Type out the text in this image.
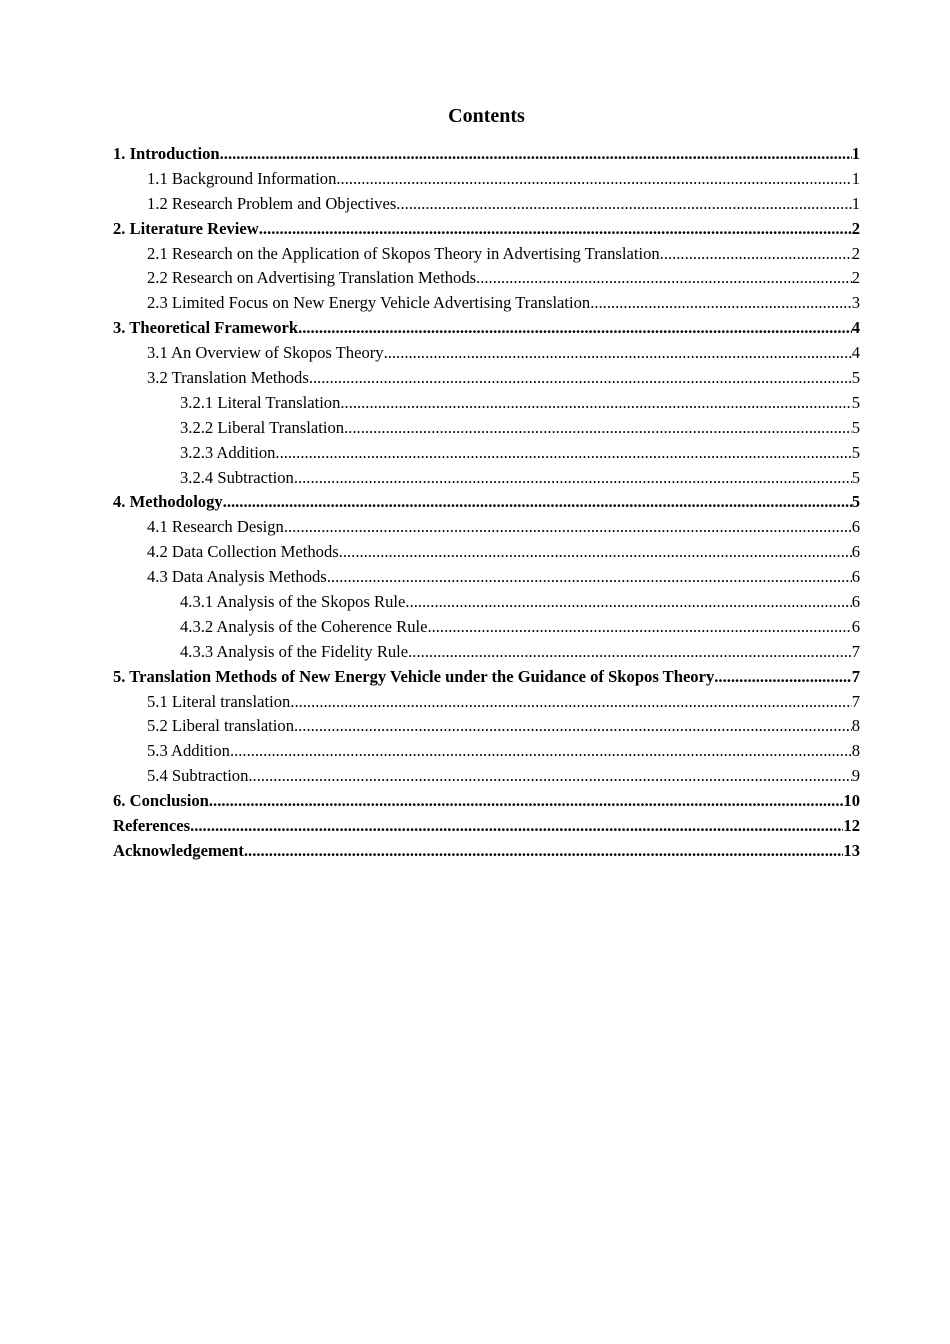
Contents
1. Introduction .....	1
1.1 Background Information .....	1
1.2 Research Problem and Objectives .....	1
2. Literature Review .....	2
2.1 Research on the Application of Skopos Theory in Advertising Translation .....	2
2.2 Research on Advertising Translation Methods .....	2
2.3 Limited Focus on New Energy Vehicle Advertising Translation .....	3
3. Theoretical Framework .....	4
3.1 An Overview of Skopos Theory .....	4
3.2 Translation Methods .....	5
3.2.1 Literal Translation .....	5
3.2.2 Liberal Translation .....	5
3.2.3 Addition .....	5
3.2.4 Subtraction .....	5
4. Methodology .....	5
4.1 Research Design .....	6
4.2 Data Collection Methods .....	6
4.3 Data Analysis Methods .....	6
4.3.1 Analysis of the Skopos Rule .....	6
4.3.2 Analysis of the Coherence Rule .....	6
4.3.3 Analysis of the Fidelity Rule .....	7
5. Translation Methods of New Energy Vehicle under the Guidance of Skopos Theory .....	7
5.1 Literal translation .....	7
5.2 Liberal translation .....	8
5.3 Addition .....	8
5.4 Subtraction .....	9
6. Conclusion .....	10
References .....	12
Acknowledgement .....	13
